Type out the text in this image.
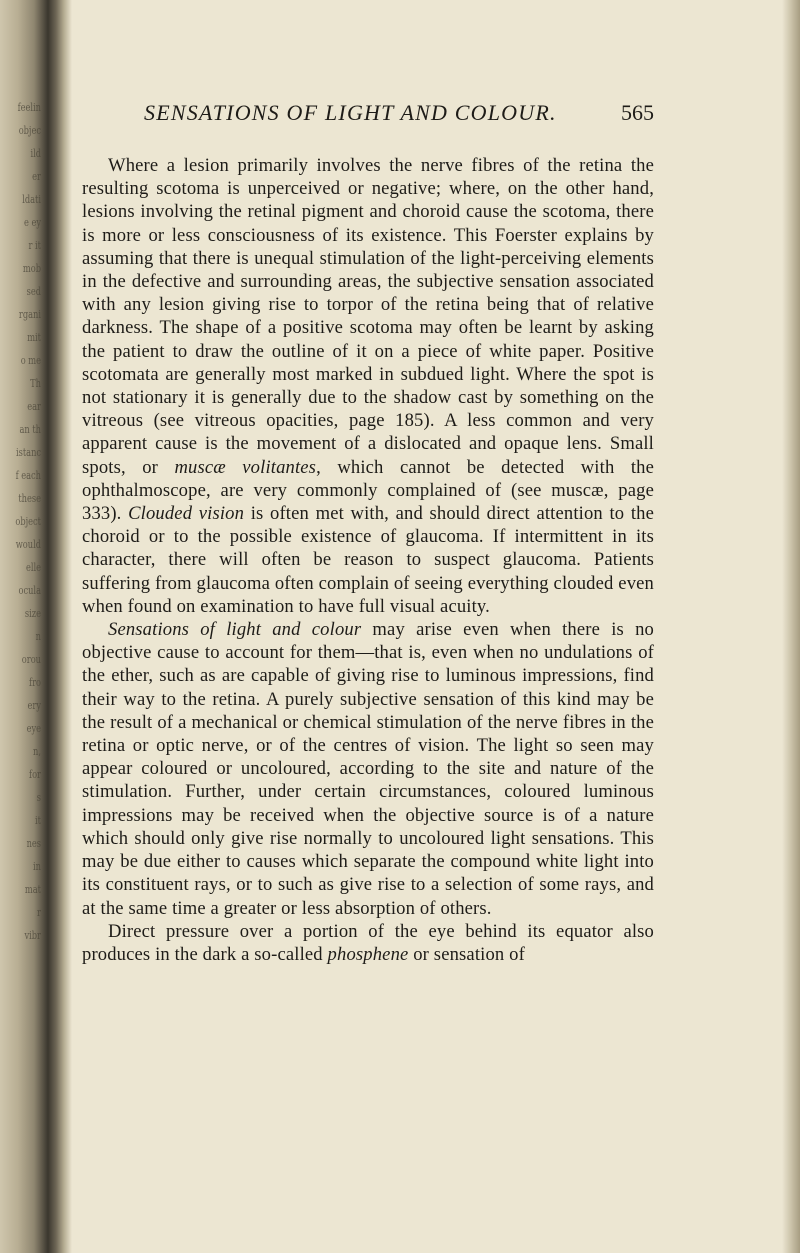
feelin
objec
ild
er
ldati
e ey
r it
mob
sed
rgani
mit
o me
Th
ear
an th
istanc
f each
these
object
would
elle
ocula
size
n
orou
fro
ery
eye
n,
for
s
it
nes
in
mat
r
vibr
SENSATIONS OF LIGHT AND COLOUR.	565

Where a lesion primarily involves the nerve fibres of the retina the resulting scotoma is unperceived or negative; where, on the other hand, lesions involving the retinal pigment and choroid cause the scotoma, there is more or less consciousness of its existence. This Foerster explains by assuming that there is unequal stimulation of the light-perceiving elements in the defective and surrounding areas, the subjective sensation associated with any lesion giving rise to torpor of the retina being that of relative darkness. The shape of a positive scotoma may often be learnt by asking the patient to draw the outline of it on a piece of white paper. Positive scotomata are generally most marked in subdued light. Where the spot is not stationary it is generally due to the shadow cast by something on the vitreous (see vitreous opacities, page 185). A less common and very apparent cause is the movement of a dislocated and opaque lens. Small spots, or muscæ volitantes, which cannot be detected with the ophthalmoscope, are very commonly complained of (see muscæ, page 333). Clouded vision is often met with, and should direct attention to the choroid or to the possible existence of glaucoma. If intermittent in its character, there will often be reason to suspect glaucoma. Patients suffering from glaucoma often complain of seeing everything clouded even when found on examination to have full visual acuity.

Sensations of light and colour may arise even when there is no objective cause to account for them—that is, even when no undulations of the ether, such as are capable of giving rise to luminous impressions, find their way to the retina. A purely subjective sensation of this kind may be the result of a mechanical or chemical stimulation of the nerve fibres in the retina or optic nerve, or of the centres of vision. The light so seen may appear coloured or uncoloured, according to the site and nature of the stimulation. Further, under certain circumstances, coloured luminous impressions may be received when the objective source is of a nature which should only give rise normally to uncoloured light sensations. This may be due either to causes which separate the compound white light into its constituent rays, or to such as give rise to a selection of some rays, and at the same time a greater or less absorption of others.

Direct pressure over a portion of the eye behind its equator also produces in the dark a so-called phosphene or sensation of
